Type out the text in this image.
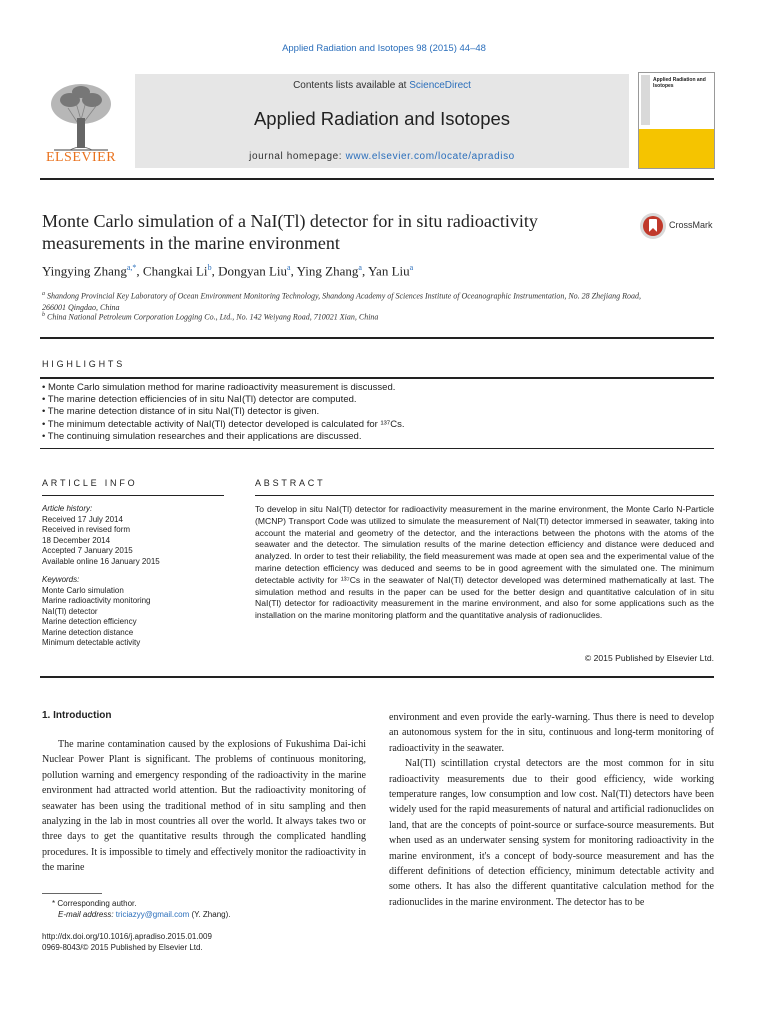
Applied Radiation and Isotopes 98 (2015) 44–48
ELSEVIER
Contents lists available at ScienceDirect
Applied Radiation and Isotopes
journal homepage: www.elsevier.com/locate/apradiso
Applied Radiation and Isotopes
Monte Carlo simulation of a NaI(Tl) detector for in situ radioactivity measurements in the marine environment
CrossMark
Yingying Zhang$^{a,*}$, Changkai Li$^b$, Dongyan Liu$^a$, Ying Zhang$^a$, Yan Liu$^a$
$^a$ Shandong Provincial Key Laboratory of Ocean Environment Monitoring Technology, Shandong Academy of Sciences Institute of Oceanographic Instrumentation, No. 28 Zhejiang Road, 266001 Qingdao, China
$^b$ China National Petroleum Corporation Logging Co., Ltd., No. 142 Weiyang Road, 710021 Xian, China
HIGHLIGHTS
• Monte Carlo simulation method for marine radioactivity measurement is discussed.
• The marine detection efficiencies of in situ NaI(Tl) detector are computed.
• The marine detection distance of in situ NaI(Tl) detector is given.
• The minimum detectable activity of NaI(Tl) detector developed is calculated for ¹³⁷Cs.
• The continuing simulation researches and their applications are discussed.
ARTICLE INFO	ABSTRACT
Article history:
Received 17 July 2014
Received in revised form
18 December 2014
Accepted 7 January 2015
Available online 16 January 2015
Keywords:
Monte Carlo simulation
Marine radioactivity monitoring
NaI(Tl) detector
Marine detection efficiency
Marine detection distance
Minimum detectable activity
To develop in situ NaI(Tl) detector for radioactivity measurement in the marine environment, the Monte Carlo N-Particle (MCNP) Transport Code was utilized to simulate the measurement of NaI(Tl) detector immersed in seawater, taking into account the material and geometry of the detector, and the interactions between the photons with the atoms of the seawater and the detector. The simulation results of the marine detection efficiency and distance were deduced and analyzed. In order to test their reliability, the field measurement was made at open sea and the experimental value of the marine detection efficiency was deduced and seems to be in good agreement with the simulated one. The minimum detectable activity for ¹³⁷Cs in the seawater of NaI(Tl) detector developed was determined mathematically at last. The simulation method and results in the paper can be used for the better design and quantitative calculation of in situ NaI(Tl) detector for radioactivity measurement in the marine environment, and also for some applications such as the installation on the marine monitoring platform and the quantitative analysis of radionuclides.
© 2015 Published by Elsevier Ltd.
1. Introduction

The marine contamination caused by the explosions of Fukushima Dai-ichi Nuclear Power Plant is significant. The problems of continuous monitoring, pollution warning and emergency responding of the radioactivity in the marine environment had attracted world attention. But the radioactivity monitoring of seawater has been using the traditional method of in situ sampling and then analyzing in the lab in most countries all over the world. It always takes two or three days to get the quantitative results through the complicated handling procedures. It is impossible to timely and effectively monitor the radioactivity in the marine

environment and even provide the early-warning. Thus there is need to develop an autonomous system for the in situ, continuous and long-term monitoring of radioactivity in the seawater.

NaI(Tl) scintillation crystal detectors are the most common for in situ radioactivity measurements due to their good efficiency, wide working temperature ranges, low consumption and low cost. NaI(Tl) detectors have been widely used for the rapid measurements of natural and artificial radionuclides on land, that are the concepts of point-source or surface-source measurements. But when used as an underwater sensing system for monitoring radioactivity in the marine environment, it's a concept of body-source measurement and has the different definitions of detection efficiency, minimum detectable activity and some others. It has also the different quantitative calculation method for the radionuclides in the marine environment. The detector has to be

* Corresponding author.
E-mail address: triciazyy@gmail.com (Y. Zhang).
http://dx.doi.org/10.1016/j.apradiso.2015.01.009
0969-8043/© 2015 Published by Elsevier Ltd.
